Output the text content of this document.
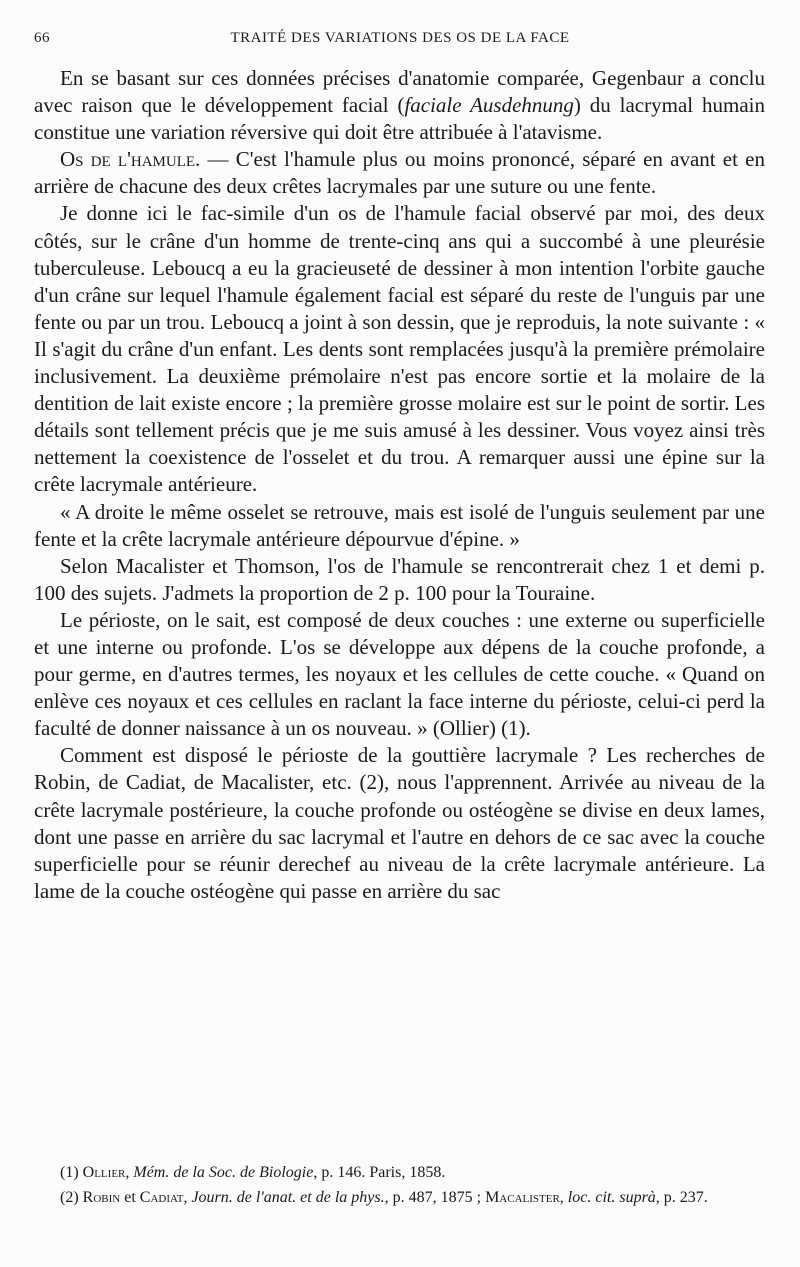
66	TRAITÉ DES VARIATIONS DES OS DE LA FACE

En se basant sur ces données précises d'anatomie comparée, Gegenbaur a conclu avec raison que le développement facial (faciale Ausdehnung) du lacrymal humain constitue une variation réversive qui doit être attribuée à l'atavisme.

Os de l'hamule. — C'est l'hamule plus ou moins prononcé, séparé en avant et en arrière de chacune des deux crêtes lacrymales par une suture ou une fente.

Je donne ici le fac-simile d'un os de l'hamule facial observé par moi, des deux côtés, sur le crâne d'un homme de trente-cinq ans qui a succombé à une pleurésie tuberculeuse. Leboucq a eu la gracieuseté de dessiner à mon intention l'orbite gauche d'un crâne sur lequel l'hamule également facial est séparé du reste de l'unguis par une fente ou par un trou. Leboucq a joint à son dessin, que je reproduis, la note suivante : « Il s'agit du crâne d'un enfant. Les dents sont remplacées jusqu'à la première prémolaire inclusivement. La deuxième prémolaire n'est pas encore sortie et la molaire de la dentition de lait existe encore ; la première grosse molaire est sur le point de sortir. Les détails sont tellement précis que je me suis amusé à les dessiner. Vous voyez ainsi très nettement la coexistence de l'osselet et du trou. A remarquer aussi une épine sur la crête lacrymale antérieure.

« A droite le même osselet se retrouve, mais est isolé de l'unguis seulement par une fente et la crête lacrymale antérieure dépourvue d'épine. »

Selon Macalister et Thomson, l'os de l'hamule se rencontrerait chez 1 et demi p. 100 des sujets. J'admets la proportion de 2 p. 100 pour la Touraine.

Le périoste, on le sait, est composé de deux couches : une externe ou superficielle et une interne ou profonde. L'os se développe aux dépens de la couche profonde, a pour germe, en d'autres termes, les noyaux et les cellules de cette couche. « Quand on enlève ces noyaux et ces cellules en raclant la face interne du périoste, celui-ci perd la faculté de donner naissance à un os nouveau. » (Ollier) (1).

Comment est disposé le périoste de la gouttière lacrymale ? Les recherches de Robin, de Cadiat, de Macalister, etc. (2), nous l'apprennent. Arrivée au niveau de la crête lacrymale postérieure, la couche profonde ou ostéogène se divise en deux lames, dont une passe en arrière du sac lacrymal et l'autre en dehors de ce sac avec la couche superficielle pour se réunir derechef au niveau de la crête lacrymale antérieure. La lame de la couche ostéogène qui passe en arrière du sac

(1) Ollier, Mém. de la Soc. de Biologie, p. 146. Paris, 1858.

(2) Robin et Cadiat, Journ. de l'anat. et de la phys., p. 487, 1875 ; Macalister, loc. cit. suprà, p. 237.
